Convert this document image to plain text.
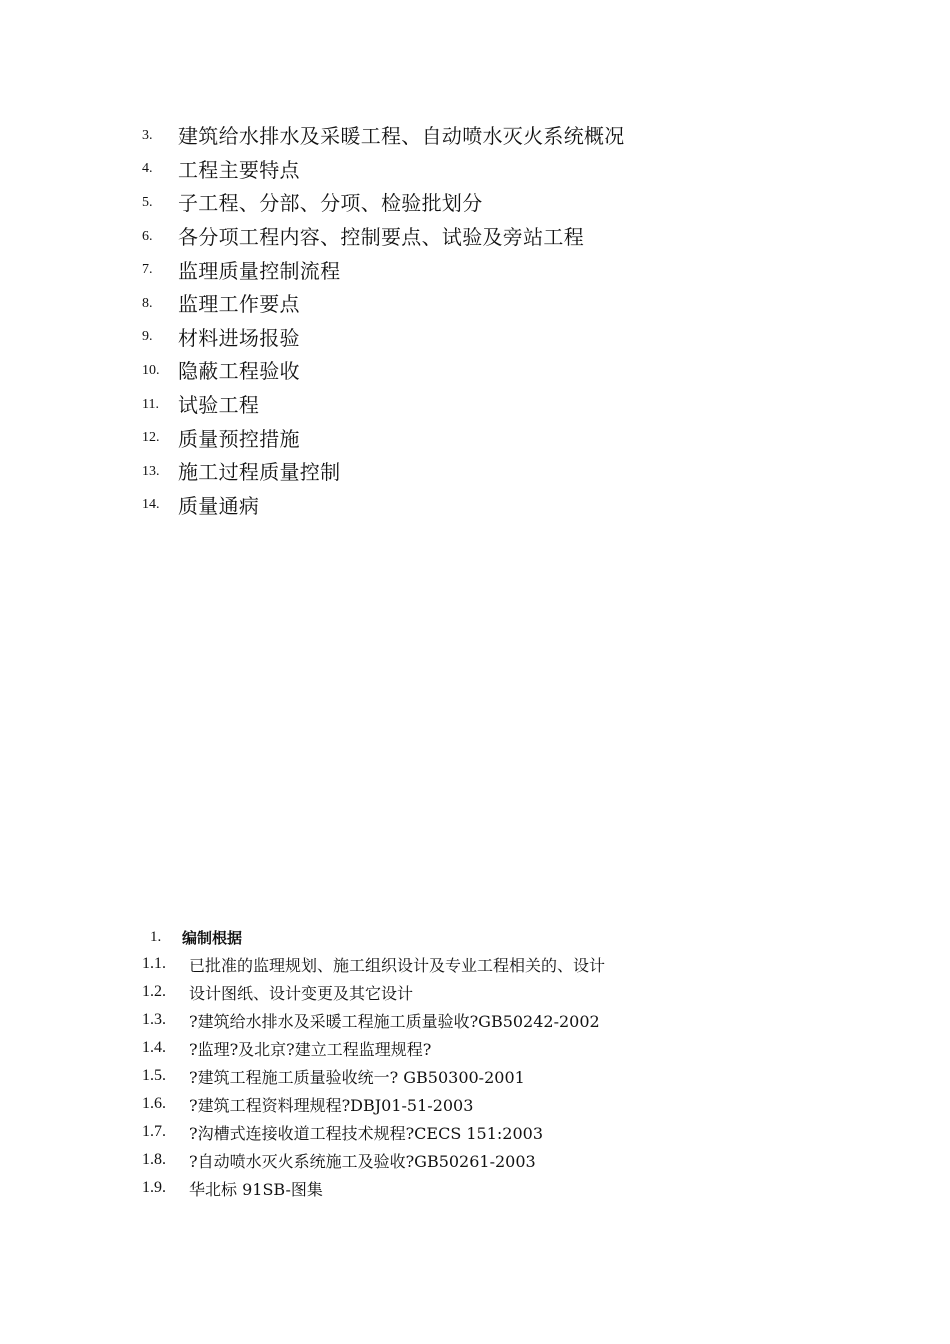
3.	建筑给水排水及采暖工程、自动喷水灭火系统概况
4.	工程主要特点
5.	子工程、分部、分项、检验批划分
6.	各分项工程内容、控制要点、试验及旁站工程
7.	监理质量控制流程
8.	监理工作要点
9.	材料进场报验
10. 隐蔽工程验收
11. 试验工程
12. 质量预控措施
13. 施工过程质量控制
14. 质量通病
1.	编制根据
1.1.	已批准的监理规划、施工组织设计及专业工程相关的、设计
1.2.	设计图纸、设计变更及其它设计
1.3.	?建筑给水排水及采暖工程施工质量验收?GB50242-2002
1.4.	?监理?及北京?建立工程监理规程?
1.5.	?建筑工程施工质量验收统一? GB50300-2001
1.6.	?建筑工程资料理规程?DBJ01-51-2003
1.7.	?沟槽式连接收道工程技术规程?CECS 151:2003
1.8.	?自动喷水灭火系统施工及验收?GB50261-2003
1.9.	华北标 91SB-图集
